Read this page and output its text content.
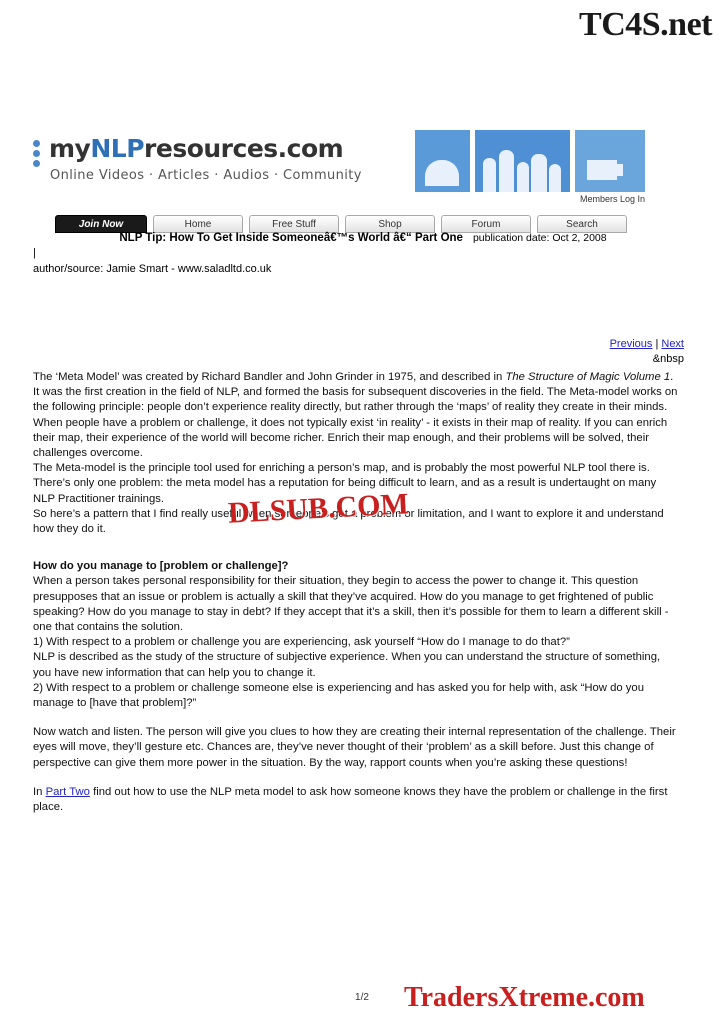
TC4S.net
myNLPresources.com
Online Videos · Articles · Audios · Community
Members Log In
Join Now	Home	Free Stuff	Shop	Forum	Search
NLP Tip: How To Get Inside Someoneâ€™s World â€“ Part One publication date: Oct 2, 2008
|
author/source: Jamie Smart - www.saladltd.co.uk
Previous | Next
&nbsp

The ‘Meta Model’ was created by Richard Bandler and John Grinder in 1975, and described in The Structure of Magic Volume 1.

It was the first creation in the field of NLP, and formed the basis for subsequent discoveries in the field. The Meta-model works on the following principle: people don’t experience reality directly, but rather through the ‘maps’ of reality they create in their minds. When people have a problem or challenge, it does not typically exist ‘in reality’ - it exists in their map of reality. If you can enrich their map, their experience of the world will become richer. Enrich their map enough, and their problems will be solved, their challenges overcome.

The Meta-model is the principle tool used for enriching a person’s map, and is probably the most powerful NLP tool there is.

There’s only one problem: the meta model has a reputation for being difficult to learn, and as a result is undertaught on many NLP Practitioner trainings.

So here’s a pattern that I find really useful when someone’s got a problem or limitation, and I want to explore it and understand how they do it.

How do you manage to [problem or challenge]?

When a person takes personal responsibility for their situation, they begin to access the power to change it. This question presupposes that an issue or problem is actually a skill that they’ve acquired. How do you manage to get frightened of public speaking? How do you manage to stay in debt? If they accept that it’s a skill, then it’s possible for them to learn a different skill - one that contains the solution.

1) With respect to a problem or challenge you are experiencing, ask yourself “How do I manage to do that?”

NLP is described as the study of the structure of subjective experience. When you can understand the structure of something, you have new information that can help you to change it.

2) With respect to a problem or challenge someone else is experiencing and has asked you for help with, ask “How do you manage to [have that problem]?”

Now watch and listen. The person will give you clues to how they are creating their internal representation of the challenge. Their eyes will move, they’ll gesture etc. Chances are, they’ve never thought of their ‘problem’ as a skill before. Just this change of perspective can give them more power in the situation. By the way, rapport counts when you’re asking these questions!

In Part Two find out how to use the NLP meta model to ask how someone knows they have the problem or challenge in the first place.

DLSUB.COM
TradersXtreme.com
1/2
